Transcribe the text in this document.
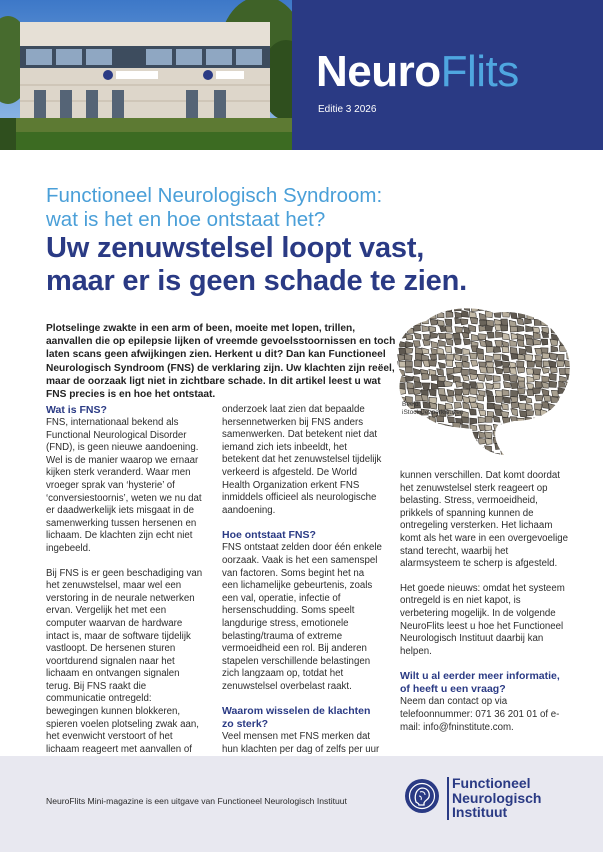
NeuroFlits
Editie 3 2026
Functioneel Neurologisch Syndroom:
wat is het en hoe ontstaat het?
Uw zenuwstelsel loopt vast,
maar er is geen schade te zien.
Plotselinge zwakte in een arm of been, moeite met lopen, trillen, aanvallen die op epilepsie lijken of vreemde gevoelsstoornissen en toch laten scans geen afwijkingen zien. Herkent u dit? Dan kan Functioneel Neurologisch Syndroom (FNS) de verklaring zijn. Uw klachten zijn reëel, maar de oorzaak ligt niet in zichtbare schade. In dit artikel leest u wat FNS precies is en hoe het ontstaat.
Beeld:
iStock/Jezperklauzen
Wat is FNS?

FNS, internationaal bekend als Functional Neurological Disorder (FND), is geen nieuwe aandoening. Wel is de manier waarop we ernaar kijken sterk veranderd. Waar men vroeger sprak van ‘hysterie’ of ‘conversiestoornis’, weten we nu dat er daadwerkelijk iets misgaat in de samenwerking tussen hersenen en lichaam. De klachten zijn echt niet ingebeeld.

Bij FNS is er geen beschadiging van het zenuwstelsel, maar wel een verstoring in de neurale netwerken ervan. Vergelijk het met een computer waarvan de hardware intact is, maar de software tijdelijk vastloopt. De hersenen sturen voortdurend signalen naar het lichaam en ontvangen signalen terug. Bij FNS raakt die communicatie ontregeld: bewegingen kunnen blokkeren, spieren voelen plotseling zwak aan, het evenwicht verstoort of het lichaam reageert met aanvallen of

onderzoek laat zien dat bepaalde hersennetwerken bij FNS anders samenwerken. Dat betekent niet dat iemand zich iets inbeeldt, het betekent dat het zenuwstelsel tijdelijk verkeerd is afgesteld. De World Health Organization erkent FNS inmiddels officieel als neurologische aandoening.

Hoe ontstaat FNS?

FNS ontstaat zelden door één enkele oorzaak. Vaak is het een samenspel van factoren. Soms begint het na een lichamelijke gebeurtenis, zoals een val, operatie, infectie of hersenschudding. Soms speelt langdurige stress, emotionele belasting/trauma of extreme vermoeidheid een rol. Bij anderen stapelen verschillende belastingen zich langzaam op, totdat het zenuwstelsel overbelast raakt.

Waarom wisselen de klachten zo sterk?

Veel mensen met FNS merken dat hun klachten per dag of zelfs per uur

kunnen verschillen. Dat komt doordat het zenuwstelsel sterk reageert op belasting. Stress, vermoeidheid, prikkels of spanning kunnen de ontregeling versterken. Het lichaam komt als het ware in een overgevoelige stand terecht, waarbij het alarmsysteem te scherp is afgesteld.

Het goede nieuws: omdat het systeem ontregeld is en niet kapot, is verbetering mogelijk. In de volgende NeuroFlits leest u hoe het Functioneel Neurologisch Instituut daarbij kan helpen.

Wilt u al eerder meer informatie, of heeft u een vraag?

Neem dan contact op via telefoonnummer: 071 36 201 01 of e-mail: info@fninstitute.com.

NeuroFlits Mini-magazine is een uitgave van Functioneel Neurologisch Instituut
Functioneel
Neurologisch
Instituut
